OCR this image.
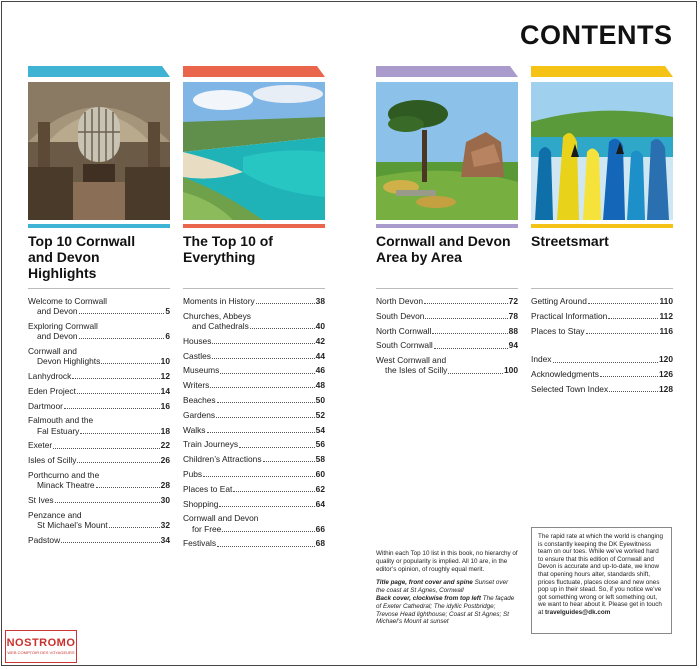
CONTENTS
Top 10 Cornwall
and Devon
Highlights
The Top 10 of
Everything
Cornwall and Devon
Area by Area
Streetsmart
Welcome to Cornwall
and Devon	5
Exploring Cornwall
and Devon	6
Cornwall and
Devon Highlights	10
Lanhydrock	12
Eden Project	14
Dartmoor	16
Falmouth and the
Fal Estuary	18
Exeter	22
Isles of Scilly	26
Porthcurno and the
Minack Theatre	28
St Ives	30
Penzance and
St Michael’s Mount	32
Padstow	34
Moments in History	38
Churches, Abbeys
and Cathedrals	40
Houses	42
Castles	44
Museums	46
Writers	48
Beaches	50
Gardens	52
Walks	54
Train Journeys	56
Children’s Attractions	58
Pubs	60
Places to Eat	62
Shopping	64
Cornwall and Devon
for Free	66
Festivals	68
North Devon	72
South Devon	78
North Cornwall	88
South Cornwall	94
West Cornwall and
the Isles of Scilly	100
Getting Around	110
Practical Information	112
Places to Stay	116
Index	120
Acknowledgments	126
Selected Town Index	128
Within each Top 10 list in this book, no hierarchy of quality or popularity is implied. All 10 are, in the editor’s opinion, of roughly equal merit.
Title page, front cover and spine Sunset over the coast at St Agnes, Cornwall
Back cover, clockwise from top left The façade of Exeter Cathedral; The idyllic Postbridge; Trevose Head lighthouse; Coast at St Agnes; St Michael’s Mount at sunset
The rapid rate at which the world is changing is constantly keeping the DK Eyewitness team on our toes. While we’ve worked hard to ensure that this edition of Cornwall and Devon is accurate and up-to-date, we know that opening hours alter, standards shift, prices fluctuate, places close and new ones pop up in their stead. So, if you notice we’ve got something wrong or left something out, we want to hear about it. Please get in touch at travelguides@dk.com
NOSTROMO
WEB COMPTOIR DES VOYAGEURS
